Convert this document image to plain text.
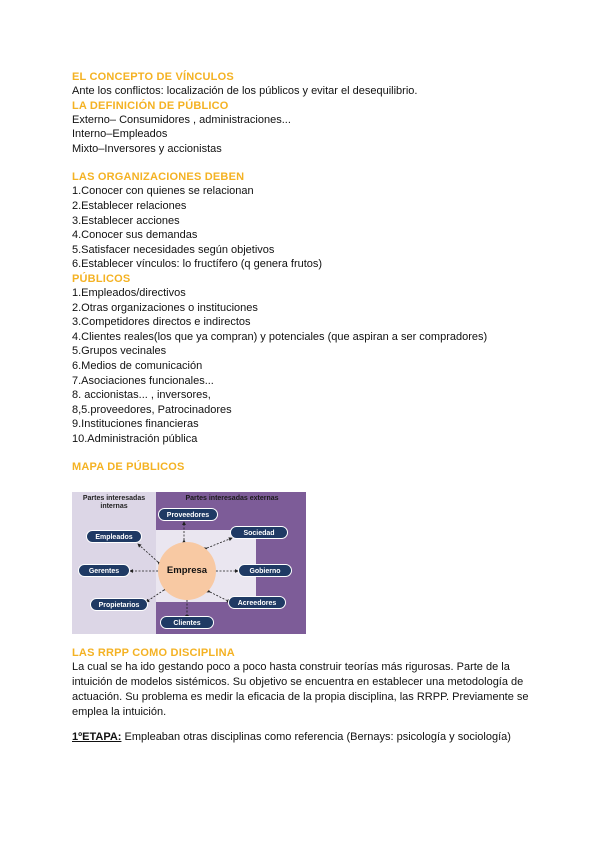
EL CONCEPTO DE VÍNCULOS
Ante los conflictos: localización de los públicos y evitar el desequilibrio.
LA DEFINICIÓN DE PÚBLICO
Externo– Consumidores , administraciones...
Interno–Empleados
Mixto–Inversores y accionistas
LAS ORGANIZACIONES DEBEN
1.Conocer con quienes se relacionan
2.Establecer relaciones
3.Establecer acciones
4.Conocer sus demandas
5.Satisfacer necesidades según objetivos
6.Establecer vínculos: lo fructífero (q genera frutos)
PÚBLICOS
1.Empleados/directivos
2.Otras organizaciones o instituciones
3.Competidores directos e indirectos
4.Clientes reales(los que ya compran) y potenciales (que aspiran a ser compradores)
5.Grupos vecinales
6.Medios de comunicación
7.Asociaciones funcionales...
8. accionistas... , inversores,
8,5.proveedores, Patrocinadores
9.Instituciones financieras
10.Administración pública
MAPA DE PÚBLICOS
Partes interesadas internas
Partes interesadas externas
Proveedores
Sociedad
Empleados
Gerentes	Gobierno
Propietarios	Acreedores
Clientes
Empresa
LAS RRPP COMO DISCIPLINA
La cual se ha ido gestando poco a poco hasta construir teorías más rigurosas. Parte de la intuición de modelos sistémicos. Su objetivo se encuentra en establecer una metodología de actuación. Su problema es medir la eficacia de la propia disciplina, las RRPP. Previamente se emplea la intuición.
1ºETAPA: Empleaban otras disciplinas como referencia (Bernays: psicología y sociología)
